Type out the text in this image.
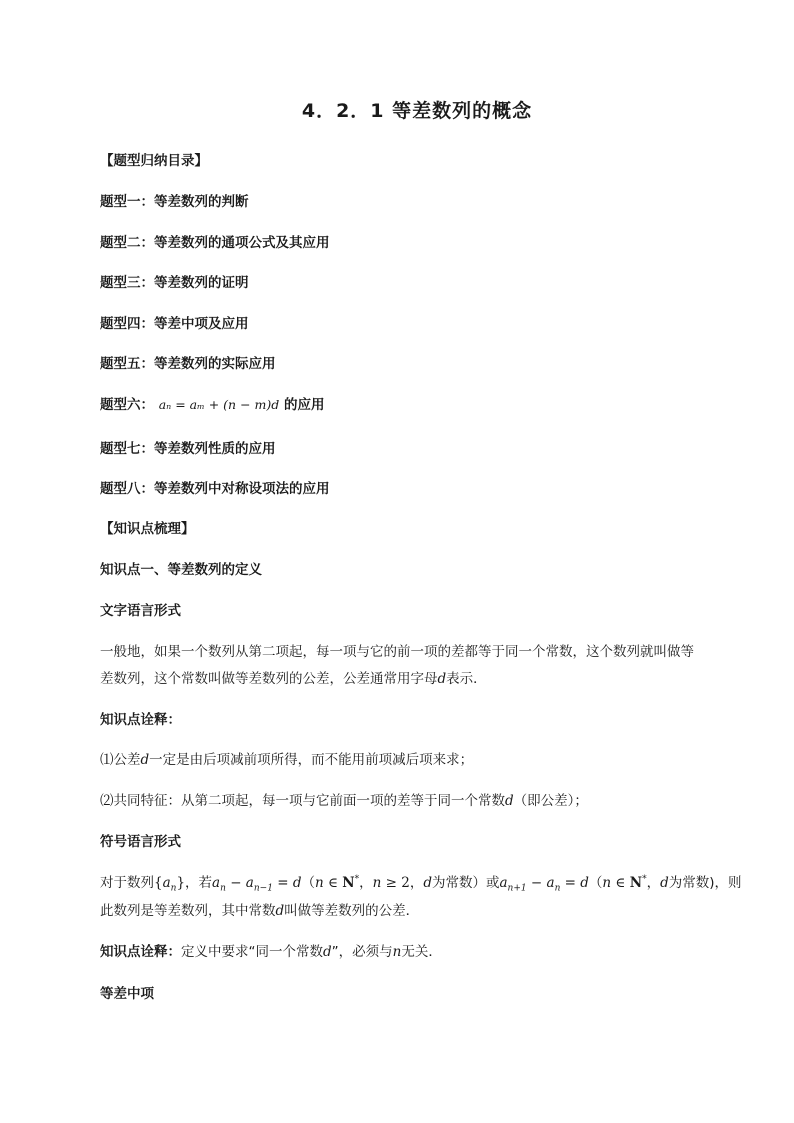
4．2．1 等差数列的概念
【题型归纳目录】
题型一：等差数列的判断
题型二：等差数列的通项公式及其应用
题型三：等差数列的证明
题型四：等差中项及应用
题型五：等差数列的实际应用
题型六： aₙ = aₘ + (n − m)d 的应用
题型七：等差数列性质的应用
题型八：等差数列中对称设项法的应用
【知识点梳理】
知识点一、等差数列的定义
文字语言形式
一般地，如果一个数列从第二项起，每一项与它的前一项的差都等于同一个常数，这个数列就叫做等
差数列，这个常数叫做等差数列的公差，公差通常用字母d表示．
知识点诠释：
⑴公差d一定是由后项减前项所得，而不能用前项减后项来求；
⑵共同特征：从第二项起，每一项与它前面一项的差等于同一个常数d（即公差）；
符号语言形式
对于数列$\{a_n\}$，若$a_n - a_{n-1} = d(n$ ∈ N*，n ≥ 2，d为常数）或$a_{n+1} - a_n = d(n$ ∈ N*，d为常数)，则
此数列是等差数列，其中常数d叫做等差数列的公差．
知识点诠释：定义中要求“同一个常数d”，必须与n无关．
等差中项
